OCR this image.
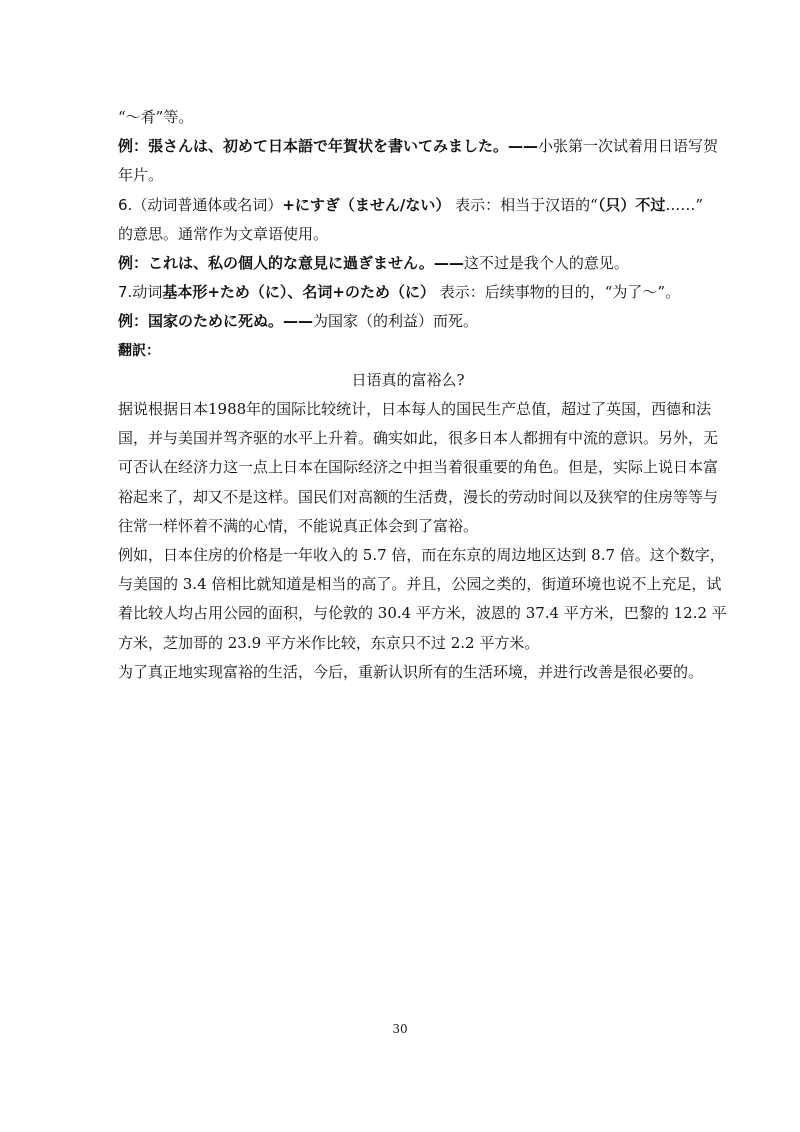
“～肴”等。

例：張さんは、初めて日本語で年賀状を書いてみました。——小张第一次试着用日语写贺

年片。

6.（动词普通体或名词）+にすぎ（ません/ない） 表示：相当于汉语的“（只）不过……”

的意思。通常作为文章语使用。

例：これは、私の個人的な意見に過ぎません。——这不过是我个人的意见。

7.动词基本形+ため（に）、名词+のため（に） 表示：后续事物的目的，“为了～”。

例：国家のために死ぬ。——为国家（的利益）而死。

翻訳：

日语真的富裕么?

据说根据日本1988年的国际比较统计，日本每人的国民生产总值，超过了英国，西德和法

国，并与美国并驾齐驱的水平上升着。确实如此，很多日本人都拥有中流的意识。另外，无

可否认在经济力这一点上日本在国际经济之中担当着很重要的角色。但是，实际上说日本富

裕起来了，却又不是这样。国民们对高额的生活费，漫长的劳动时间以及狭窄的住房等等与

往常一样怀着不满的心情，不能说真正体会到了富裕。

例如，日本住房的价格是一年收入的 5.7 倍，而在东京的周边地区达到 8.7 倍。这个数字，

与美国的 3.4 倍相比就知道是相当的高了。并且，公园之类的，街道环境也说不上充足，试

着比较人均占用公园的面积，与伦敦的 30.4 平方米，波恩的 37.4 平方米，巴黎的 12.2 平

方米，芝加哥的 23.9 平方米作比较，东京只不过 2.2 平方米。

为了真正地实现富裕的生活，今后，重新认识所有的生活环境，并进行改善是很必要的。

30
